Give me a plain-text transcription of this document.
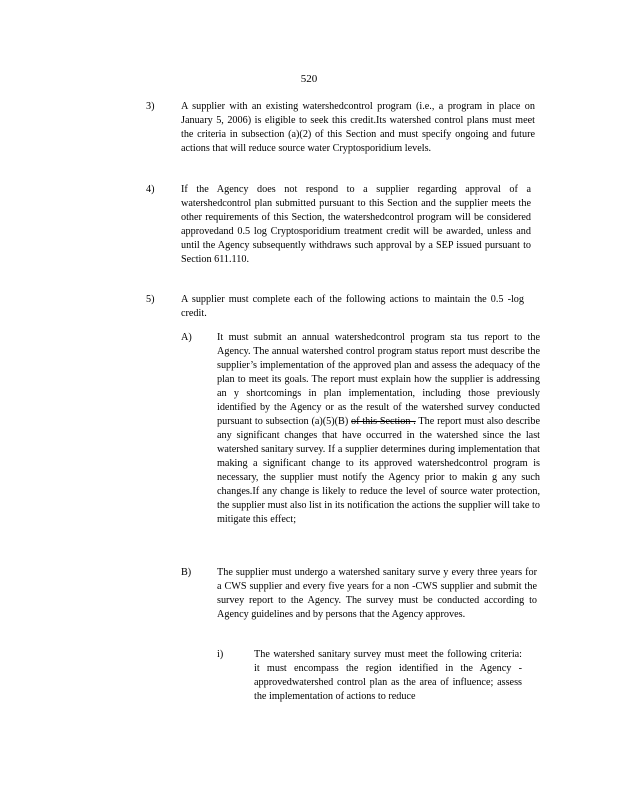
520
3)	A supplier with an existing watershedcontrol program (i.e., a program in place on January 5, 2006) is eligible to seek this credit.Its watershed control plans must meet the criteria in subsection (a)(2) of this Section and must specify ongoing and future actions that will reduce source water Cryptosporidium levels.
4)	If the Agency does not respond to a supplier regarding approval of a watershedcontrol plan submitted pursuant to this Section and the supplier meets the other requirements of this Section, the watershedcontrol program will be considered approvedand 0.5 log Cryptosporidium treatment credit will be awarded, unless and until the Agency subsequently withdraws such approval by a SEP issued pursuant to Section 611.110.
5)	A supplier must complete each of the following actions to maintain the 0.5 -log credit.
A) It must submit an annual watershedcontrol program sta tus report to the Agency. The annual watershed control program status report must describe the supplier’s implementation of the approved plan and assess the adequacy of the plan to meet its goals. The report must explain how the supplier is addressing an y shortcomings in plan implementation, including those previously identified by the Agency or as the result of the watershed survey conducted pursuant to subsection (a)(5)(B) of this Section . The report must also describe any significant changes that have occurred in the watershed since the last watershed sanitary survey. If a supplier determines during implementation that making a significant change to its approved watershedcontrol program is necessary, the supplier must notify the Agency prior to makin g any such changes.If any change is likely to reduce the level of source water protection, the supplier must also list in its notification the actions the supplier will take to mitigate this effect;
B)	The supplier must undergo a watershed sanitary surve y every three years for a CWS supplier and every five years for a non -CWS supplier and submit the survey report to the Agency. The survey must be conducted according to Agency guidelines and by persons that the Agency approves.
i)	The watershed sanitary survey must meet the following criteria: it must encompass the region identified in the Agency -approvedwatershed control plan as the area of influence; assess the implementation of actions to reduce
